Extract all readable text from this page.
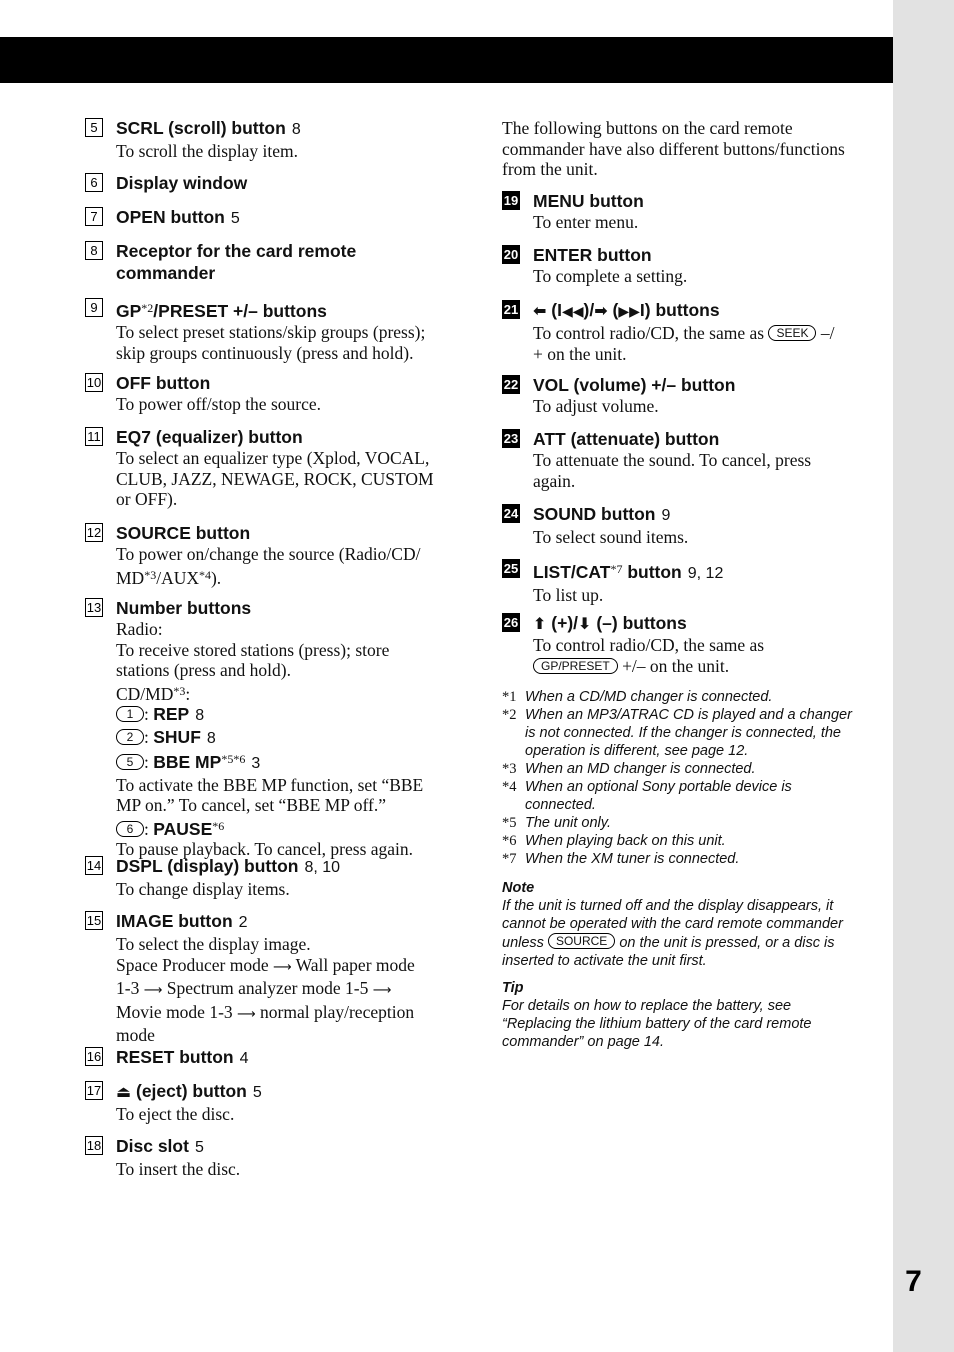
7
5	SCRL (scroll) button 8
To scroll the display item.
6	Display window
7	OPEN button 5
8	Receptor for the card remote
commander
9	$GP^{*2}$/PRESET +/– buttons
To select preset stations/skip groups (press);
skip groups continuously (press and hold).
10 OFF button
To power off/stop the source.
11 EQ7 (equalizer) button
To select an equalizer type (Xplod, VOCAL,
CLUB, JAZZ, NEWAGE, ROCK, CUSTOM
or OFF).
12 SOURCE button
To power on/change the source (Radio/CD/
MD$^{*3}$/AUX$^{*4}$).
13 Number buttons
Radio:
To receive stored stations (press); store
stations (press and hold).
CD/MD$^{*3}$:
1 : REP 8
2 : SHUF 8
5 : BBE $MP^{*5*6}$ 3
To activate the BBE MP function, set “BBE
MP on.” To cancel, set “BBE MP off.”
6 : PAUSE$^{*6}$
To pause playback. To cancel, press again.
14 DSPL (display) button 8, 10
To change display items.
15 IMAGE button 2
To select the display image.
Space Producer mode ⟶ Wall paper mode
1-3 ⟶ Spectrum analyzer mode 1-5 ⟶
Movie mode 1-3 ⟶ normal play/reception
mode
16 RESET button 4
17 ⏏ (eject) button 5
To eject the disc.
18 Disc slot 5
To insert the disc.
The following buttons on the card remote
commander have also different buttons/functions
from the unit.
19 MENU button
To enter menu.
20 ENTER button
To complete a setting.
21 ⬅ (I◀◀)/➡ (▶▶I) buttons
To control radio/CD, the same as SEEK –/
+ on the unit.
22 VOL (volume) +/– button
To adjust volume.
23 ATT (attenuate) button
To attenuate the sound. To cancel, press
again.
24 SOUND button 9
To select sound items.
25 LIST/CAT$^{*7}$ button 9, 12
To list up.
26 ⬆ (+)/⬇ (–) buttons
To control radio/CD, the same as
GP/PRESET +/– on the unit.
*1 When a CD/MD changer is connected.
*2 When an MP3/ATRAC CD is played and a changer
is not connected. If the changer is connected, the
operation is different, see page 12.
*3 When an MD changer is connected.
*4 When an optional Sony portable device is
connected.
*5 The unit only.
*6 When playing back on this unit.
*7 When the XM tuner is connected.
Note
If the unit is turned off and the display disappears, it
cannot be operated with the card remote commander
unless SOURCE on the unit is pressed, or a disc is
inserted to activate the unit first.
Tip
For details on how to replace the battery, see
“Replacing the lithium battery of the card remote
commander” on page 14.
